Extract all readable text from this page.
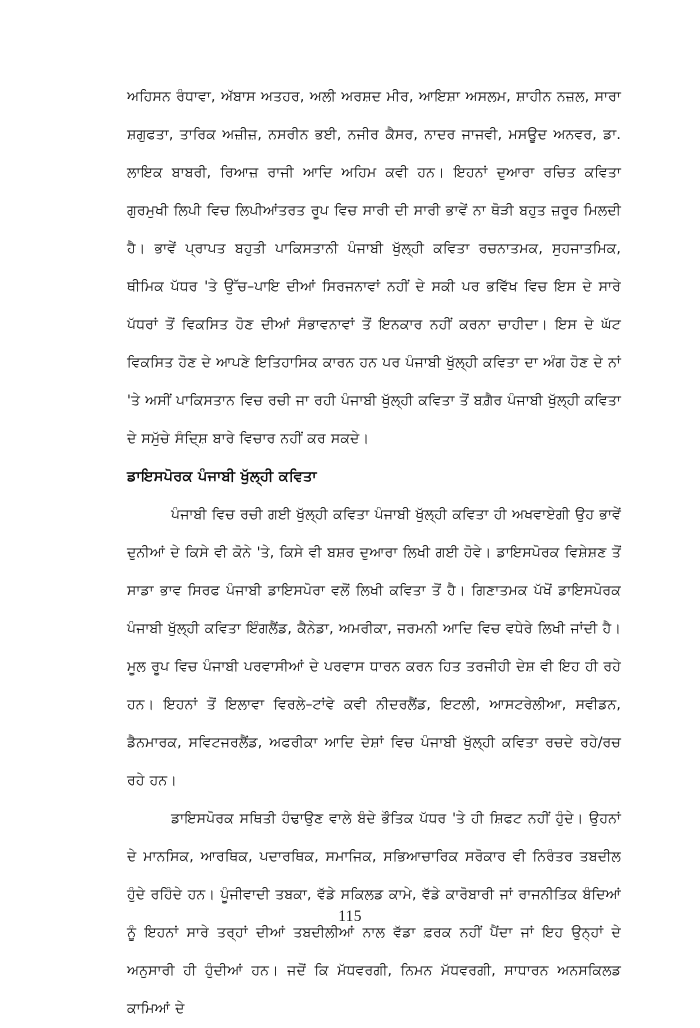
ਅਹਿਸਨ ਰੰਧਾਵਾ, ਅੱਬਾਸ ਅਤਹਰ, ਅਲੀ ਅਰਸ਼ਦ ਮੀਰ, ਆਇਸ਼ਾ ਅਸਲਮ, ਸ਼ਾਹੀਨ ਨਜ਼ਲ, ਸਾਰਾ ਸ਼ਗੁਫਤਾ, ਤਾਰਿਕ ਅਜ਼ੀਜ਼, ਨਸਰੀਨ ਭਈ, ਨਜੀਰ ਕੈਸਰ, ਨਾਦਰ ਜਾਜਵੀ, ਮਸਊਦ ਅਨਵਰ, ਡਾ. ਲਾਇਕ ਬਾਬਰੀ, ਰਿਆਜ਼ ਰਾਜੀ ਆਦਿ ਅਹਿਮ ਕਵੀ ਹਨ। ਇਹਨਾਂ ਦੁਆਰਾ ਰਚਿਤ ਕਵਿਤਾ ਗੁਰਮੁਖੀ ਲਿਪੀ ਵਿਚ ਲਿਪੀਆਂਤਰਤ ਰੂਪ ਵਿਚ ਸਾਰੀ ਦੀ ਸਾਰੀ ਭਾਵੇਂ ਨਾ ਥੋੜੀ ਬਹੁਤ ਜ਼ਰੂਰ ਮਿਲਦੀ ਹੈ। ਭਾਵੇਂ ਪ੍ਰਾਪਤ ਬਹੁਤੀ ਪਾਕਿਸਤਾਨੀ ਪੰਜਾਬੀ ਖੁੱਲ੍ਹੀ ਕਵਿਤਾ ਰਚਨਾਤਮਕ, ਸੁਹਜਾਤਮਿਕ, ਥੀਮਿਕ ਪੱਧਰ 'ਤੇ ਉੱਚ–ਪਾਇ ਦੀਆਂ ਸਿਰਜਨਾਵਾਂ ਨਹੀਂ ਦੇ ਸਕੀ ਪਰ ਭਵਿੱਖ ਵਿਚ ਇਸ ਦੇ ਸਾਰੇ ਪੱਧਰਾਂ ਤੋਂ ਵਿਕਸਿਤ ਹੋਣ ਦੀਆਂ ਸੰਭਾਵਨਾਵਾਂ ਤੋਂ ਇਨਕਾਰ ਨਹੀਂ ਕਰਨਾ ਚਾਹੀਦਾ। ਇਸ ਦੇ ਘੱਟ ਵਿਕਸਿਤ ਹੋਣ ਦੇ ਆਪਣੇ ਇਤਿਹਾਸਿਕ ਕਾਰਨ ਹਨ ਪਰ ਪੰਜਾਬੀ ਖੁੱਲ੍ਹੀ ਕਵਿਤਾ ਦਾ ਅੰਗ ਹੋਣ ਦੇ ਨਾਂ 'ਤੇ ਅਸੀਂ ਪਾਕਿਸਤਾਨ ਵਿਚ ਰਚੀ ਜਾ ਰਹੀ ਪੰਜਾਬੀ ਖੁੱਲ੍ਹੀ ਕਵਿਤਾ ਤੋਂ ਬਗ਼ੈਰ ਪੰਜਾਬੀ ਖੁੱਲ੍ਹੀ ਕਵਿਤਾ ਦੇ ਸਮੁੱਚੇ ਸੰਦਿ੍ਸ਼ ਬਾਰੇ ਵਿਚਾਰ ਨਹੀਂ ਕਰ ਸਕਦੇ।

ਡਾਇਸਪੋਰਕ ਪੰਜਾਬੀ ਖੁੱਲ੍ਹੀ ਕਵਿਤਾ

ਪੰਜਾਬੀ ਵਿਚ ਰਚੀ ਗਈ ਖੁੱਲ੍ਹੀ ਕਵਿਤਾ ਪੰਜਾਬੀ ਖੁੱਲ੍ਹੀ ਕਵਿਤਾ ਹੀ ਅਖਵਾਏਗੀ ਉਹ ਭਾਵੇਂ ਦੁਨੀਆਂ ਦੇ ਕਿਸੇ ਵੀ ਕੋਨੇ 'ਤੇ, ਕਿਸੇ ਵੀ ਬਸ਼ਰ ਦੁਆਰਾ ਲਿਖੀ ਗਈ ਹੋਵੇ। ਡਾਇਸਪੋਰਕ ਵਿਸ਼ੇਸ਼ਣ ਤੋਂ ਸਾਡਾ ਭਾਵ ਸਿਰਫ ਪੰਜਾਬੀ ਡਾਇਸਪੋਰਾ ਵਲੋਂ ਲਿਖੀ ਕਵਿਤਾ ਤੋਂ ਹੈ। ਗਿਣਾਤਮਕ ਪੱਖੋਂ ਡਾਇਸਪੋਰਕ ਪੰਜਾਬੀ ਖੁੱਲ੍ਹੀ ਕਵਿਤਾ ਇੰਗਲੈਂਡ, ਕੈਨੇਡਾ, ਅਮਰੀਕਾ, ਜਰਮਨੀ ਆਦਿ ਵਿਚ ਵਧੇਰੇ ਲਿਖੀ ਜਾਂਦੀ ਹੈ। ਮੂਲ ਰੂਪ ਵਿਚ ਪੰਜਾਬੀ ਪਰਵਾਸੀਆਂ ਦੇ ਪਰਵਾਸ ਧਾਰਨ ਕਰਨ ਹਿਤ ਤਰਜੀਹੀ ਦੇਸ਼ ਵੀ ਇਹ ਹੀ ਰਹੇ ਹਨ। ਇਹਨਾਂ ਤੋਂ ਇਲਾਵਾ ਵਿਰਲੇ–ਟਾਂਵੇ ਕਵੀ ਨੀਦਰਲੈਂਡ, ਇਟਲੀ, ਆਸਟਰੇਲੀਆ, ਸਵੀਡਨ, ਡੈਨਮਾਰਕ, ਸਵਿਟਜਰਲੈਂਡ, ਅਫਰੀਕਾ ਆਦਿ ਦੇਸ਼ਾਂ ਵਿਚ ਪੰਜਾਬੀ ਖੁੱਲ੍ਹੀ ਕਵਿਤਾ ਰਚਦੇ ਰਹੇ/ਰਚ ਰਹੇ ਹਨ।

ਡਾਇਸਪੋਰਕ ਸਥਿਤੀ ਹੰਢਾਉਣ ਵਾਲੇ ਬੰਦੇ ਭੌਤਿਕ ਪੱਧਰ 'ਤੇ ਹੀ ਸ਼ਿਫਟ ਨਹੀਂ ਹੁੰਦੇ। ਉਹਨਾਂ ਦੇ ਮਾਨਸਿਕ, ਆਰਥਿਕ, ਪਦਾਰਥਿਕ, ਸਮਾਜਿਕ, ਸਭਿਆਚਾਰਿਕ ਸਰੋਕਾਰ ਵੀ ਨਿਰੰਤਰ ਤਬਦੀਲ ਹੁੰਦੇ ਰਹਿੰਦੇ ਹਨ। ਪੂੰਜੀਵਾਦੀ ਤਬਕਾ, ਵੱਡੇ ਸਕਿਲਡ ਕਾਮੇ, ਵੱਡੇ ਕਾਰੋਬਾਰੀ ਜਾਂ ਰਾਜਨੀਤਿਕ ਬੰਦਿਆਂ ਨੂੰ ਇਹਨਾਂ ਸਾਰੇ ਤਰ੍ਹਾਂ ਦੀਆਂ ਤਬਦੀਲੀਆਂ ਨਾਲ ਵੱਡਾ ਫ਼ਰਕ ਨਹੀਂ ਪੈਂਦਾ ਜਾਂ ਇਹ ਉਨ੍ਹਾਂ ਦੇ ਅਨੁਸਾਰੀ ਹੀ ਹੁੰਦੀਆਂ ਹਨ। ਜਦੋਂ ਕਿ ਮੱਧਵਰਗੀ, ਨਿਮਨ ਮੱਧਵਰਗੀ, ਸਾਧਾਰਨ ਅਨਸਕਿਲਡ ਕਾਮਿਆਂ ਦੇ

115
